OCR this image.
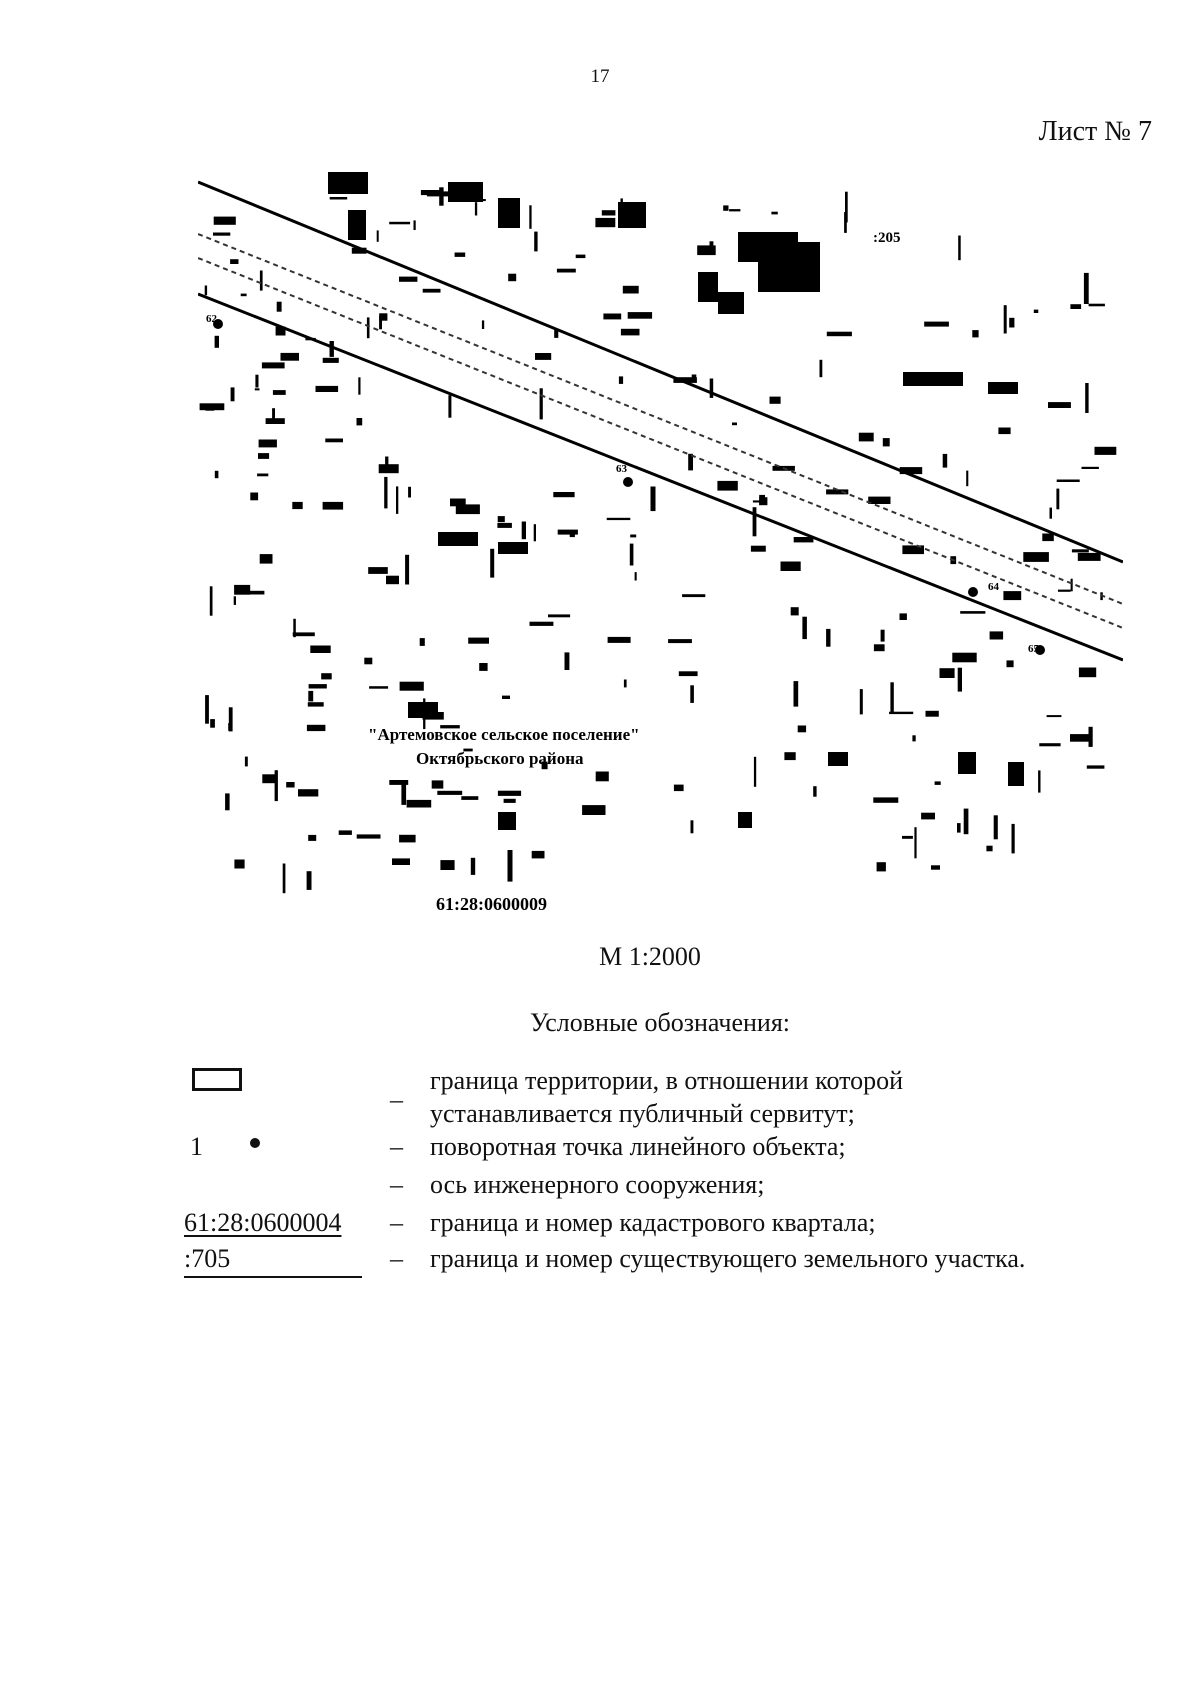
17
Лист № 7
62
63
64
65
:205
"Артемовское сельское поселение"
Октябрьского района
61:28:0600009
М 1:2000
Условные обозначения:
_ граница территории, в отношении которой
устанавливается публичный сервитут;
1	– поворотная точка линейного объекта;
– ось инженерного сооружения;
61:28:0600004	– граница и номер кадастрового квартала;
:705	– граница и номер существующего земельного участка.
